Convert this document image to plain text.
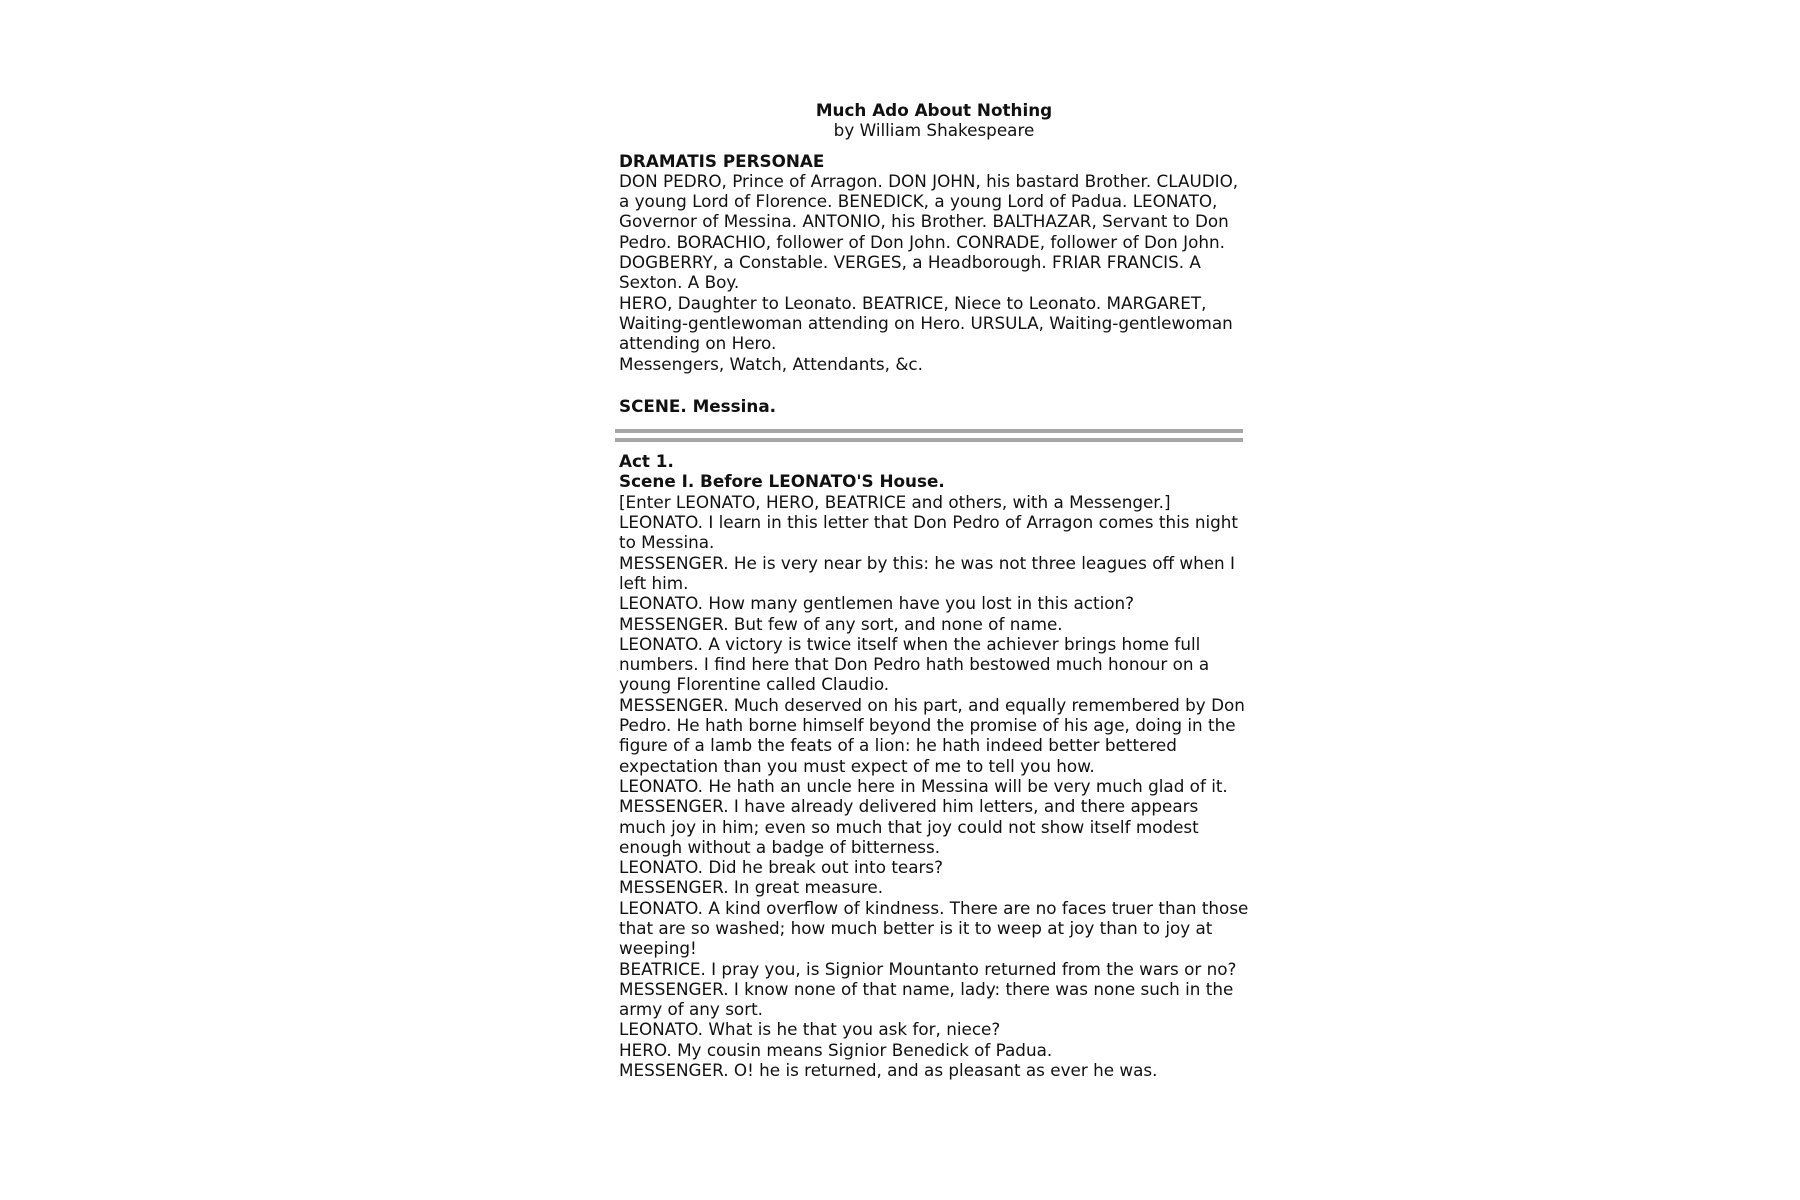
Much Ado About Nothing
by William Shakespeare
DRAMATIS PERSONAE

DON PEDRO, Prince of Arragon. DON JOHN, his bastard Brother. CLAUDIO, a young Lord of Florence. BENEDICK, a young Lord of Padua. LEONATO, Governor of Messina. ANTONIO, his Brother. BALTHAZAR, Servant to Don Pedro. BORACHIO, follower of Don John. CONRADE, follower of Don John. DOGBERRY, a Constable. VERGES, a Headborough. FRIAR FRANCIS. A Sexton. A Boy.

HERO, Daughter to Leonato. BEATRICE, Niece to Leonato. MARGARET, Waiting-gentlewoman attending on Hero. URSULA, Waiting-gentlewoman attending on Hero.

Messengers, Watch, Attendants, &c.

SCENE. Messina.
Act 1.
Scene I. Before LEONATO'S House.

[Enter LEONATO, HERO, BEATRICE and others, with a Messenger.]

LEONATO. I learn in this letter that Don Pedro of Arragon comes this night to Messina.

MESSENGER. He is very near by this: he was not three leagues off when I left him.

LEONATO. How many gentlemen have you lost in this action?

MESSENGER. But few of any sort, and none of name.

LEONATO. A victory is twice itself when the achiever brings home full numbers. I find here that Don Pedro hath bestowed much honour on a young Florentine called Claudio.

MESSENGER. Much deserved on his part, and equally remembered by Don Pedro. He hath borne himself beyond the promise of his age, doing in the figure of a lamb the feats of a lion: he hath indeed better bettered expectation than you must expect of me to tell you how.

LEONATO. He hath an uncle here in Messina will be very much glad of it.

MESSENGER. I have already delivered him letters, and there appears much joy in him; even so much that joy could not show itself modest enough without a badge of bitterness.

LEONATO. Did he break out into tears?

MESSENGER. In great measure.

LEONATO. A kind overflow of kindness. There are no faces truer than those that are so washed; how much better is it to weep at joy than to joy at weeping!

BEATRICE. I pray you, is Signior Mountanto returned from the wars or no?

MESSENGER. I know none of that name, lady: there was none such in the army of any sort.

LEONATO. What is he that you ask for, niece?

HERO. My cousin means Signior Benedick of Padua.

MESSENGER. O! he is returned, and as pleasant as ever he was.
